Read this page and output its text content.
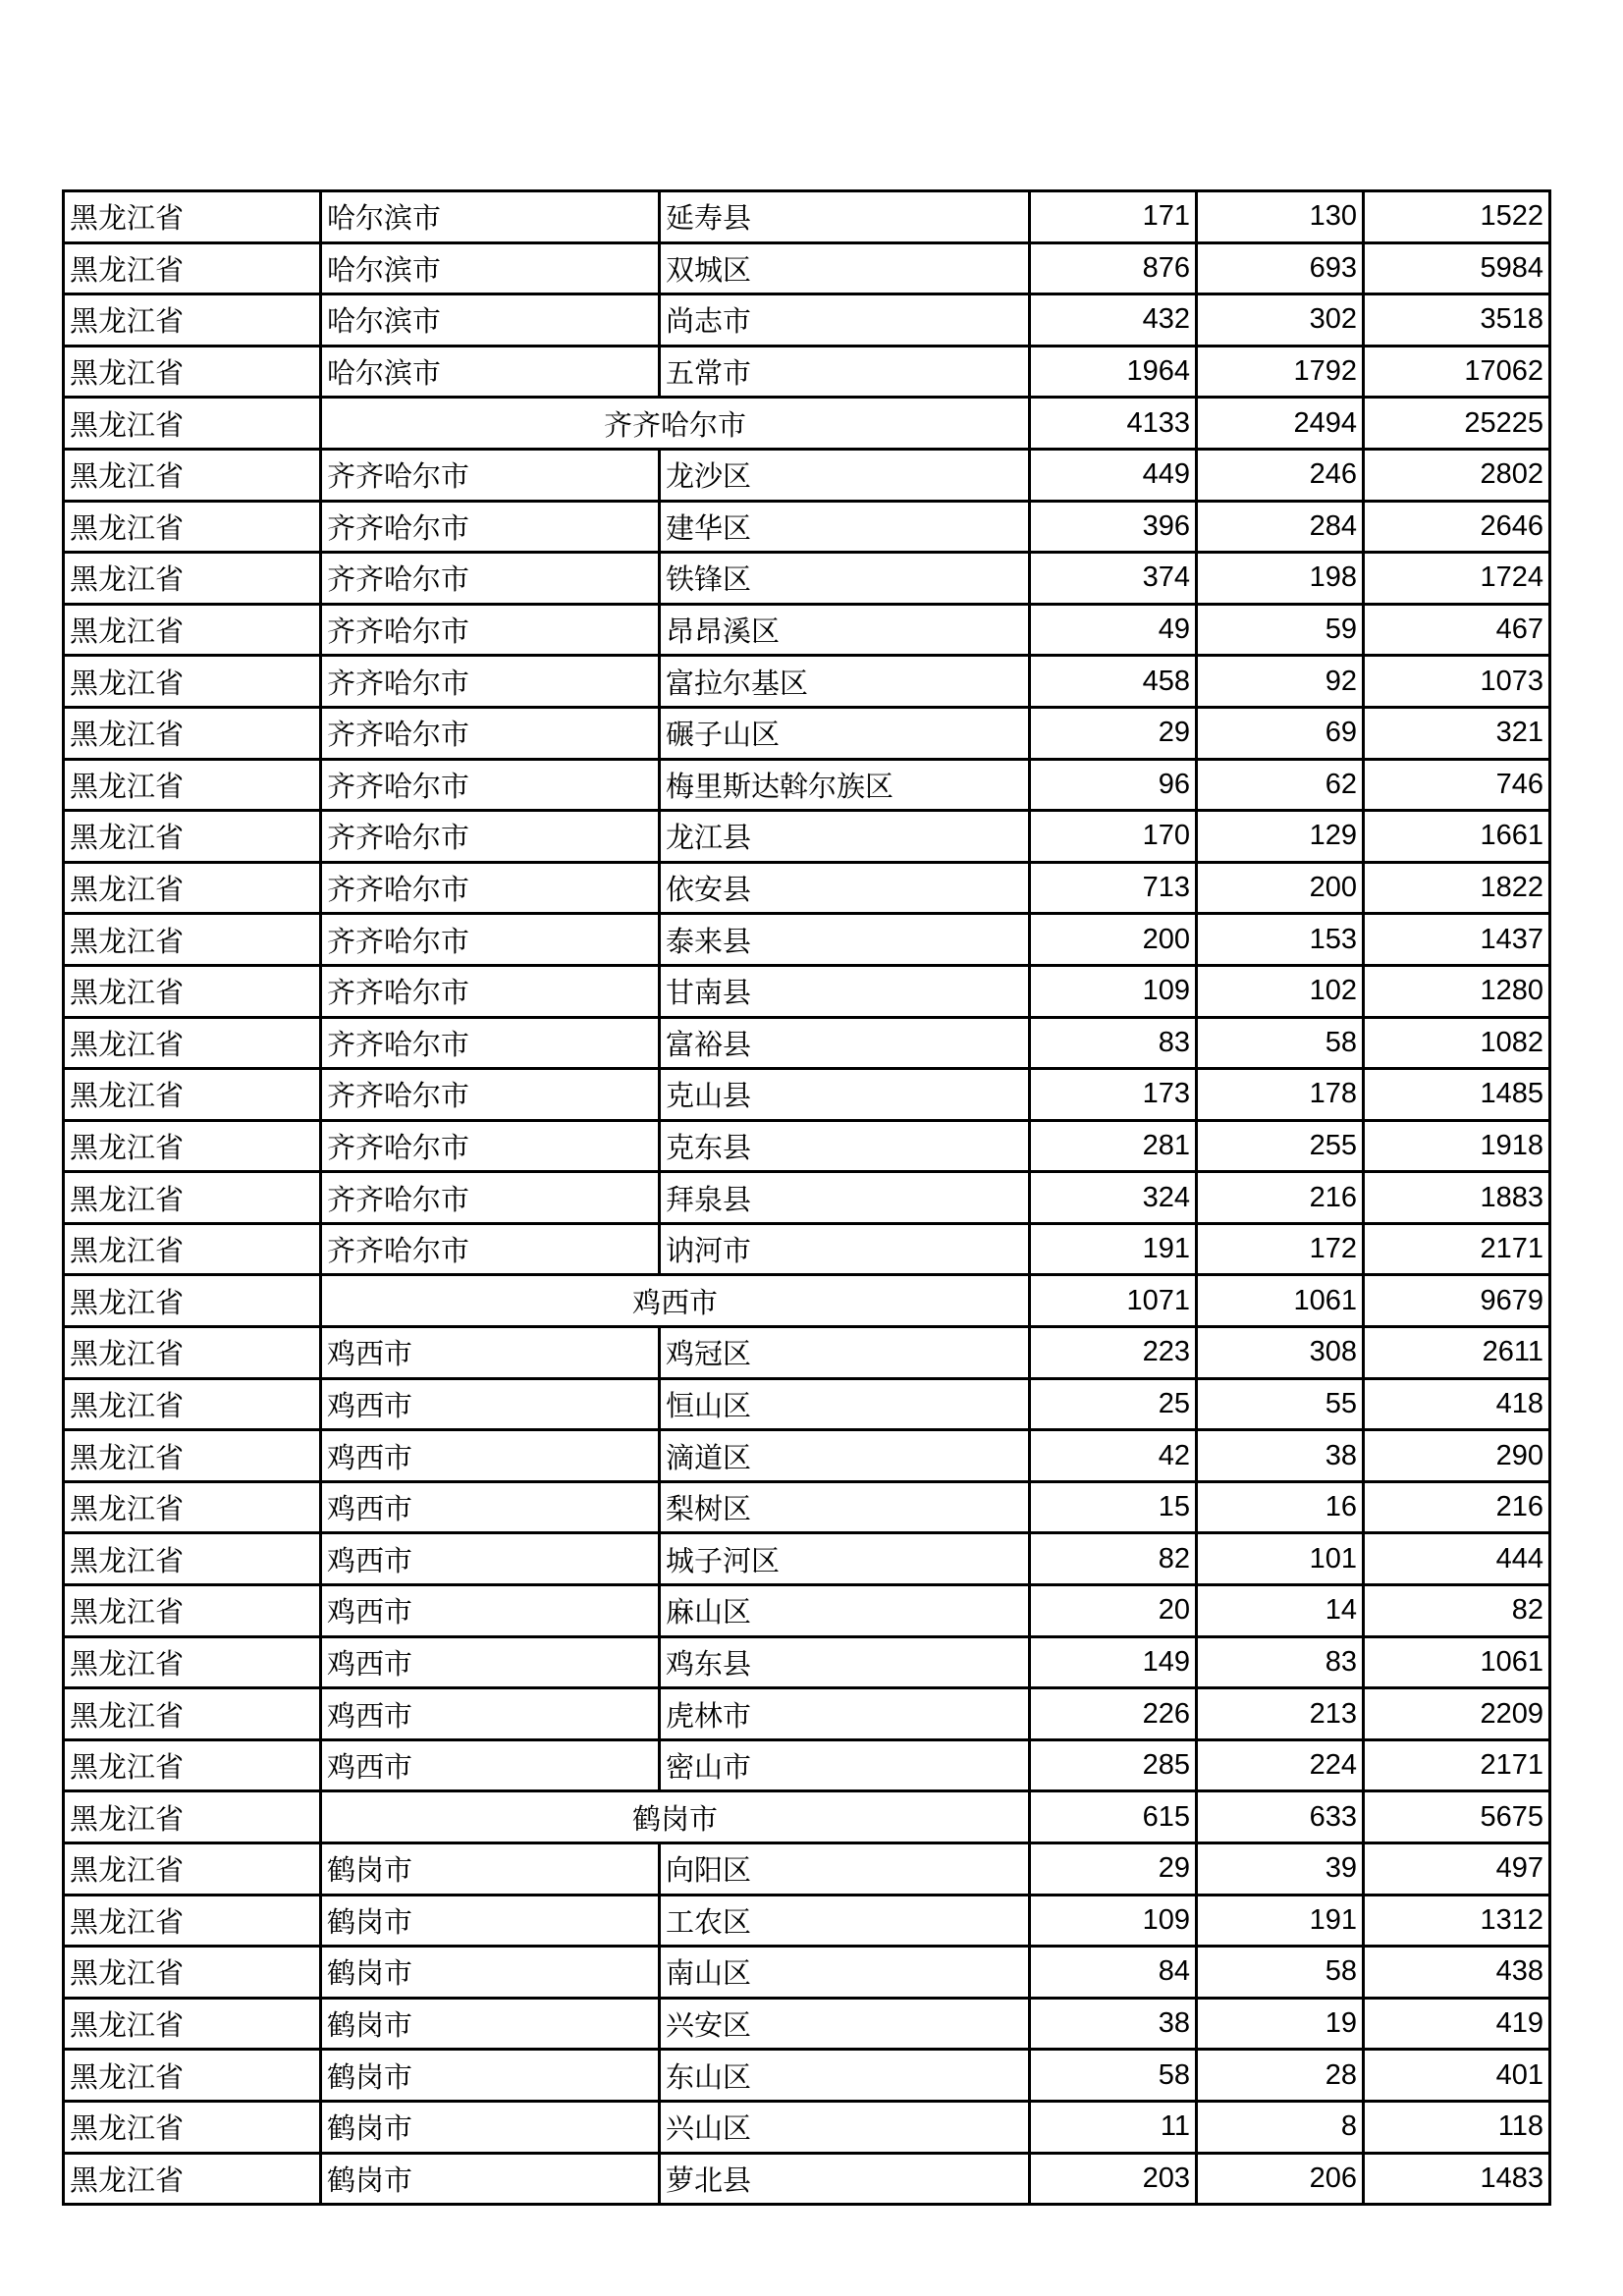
黑龙江省	哈尔滨市	延寿县	171	130	1522
黑龙江省	哈尔滨市	双城区	876	693	5984
黑龙江省	哈尔滨市	尚志市	432	302	3518
黑龙江省	哈尔滨市	五常市	1964	1792	17062
黑龙江省	齐齐哈尔市		4133	2494	25225
黑龙江省	齐齐哈尔市	龙沙区	449	246	2802
黑龙江省	齐齐哈尔市	建华区	396	284	2646
黑龙江省	齐齐哈尔市	铁锋区	374	198	1724
黑龙江省	齐齐哈尔市	昂昂溪区	49	59	467
黑龙江省	齐齐哈尔市	富拉尔基区	458	92	1073
黑龙江省	齐齐哈尔市	碾子山区	29	69	321
黑龙江省	齐齐哈尔市	梅里斯达斡尔族区	96	62	746
黑龙江省	齐齐哈尔市	龙江县	170	129	1661
黑龙江省	齐齐哈尔市	依安县	713	200	1822
黑龙江省	齐齐哈尔市	泰来县	200	153	1437
黑龙江省	齐齐哈尔市	甘南县	109	102	1280
黑龙江省	齐齐哈尔市	富裕县	83	58	1082
黑龙江省	齐齐哈尔市	克山县	173	178	1485
黑龙江省	齐齐哈尔市	克东县	281	255	1918
黑龙江省	齐齐哈尔市	拜泉县	324	216	1883
黑龙江省	齐齐哈尔市	讷河市	191	172	2171
黑龙江省	鸡西市		1071	1061	9679
黑龙江省	鸡西市	鸡冠区	223	308	2611
黑龙江省	鸡西市	恒山区	25	55	418
黑龙江省	鸡西市	滴道区	42	38	290
黑龙江省	鸡西市	梨树区	15	16	216
黑龙江省	鸡西市	城子河区	82	101	444
黑龙江省	鸡西市	麻山区	20	14	82
黑龙江省	鸡西市	鸡东县	149	83	1061
黑龙江省	鸡西市	虎林市	226	213	2209
黑龙江省	鸡西市	密山市	285	224	2171
黑龙江省	鹤岗市		615	633	5675
黑龙江省	鹤岗市	向阳区	29	39	497
黑龙江省	鹤岗市	工农区	109	191	1312
黑龙江省	鹤岗市	南山区	84	58	438
黑龙江省	鹤岗市	兴安区	38	19	419
黑龙江省	鹤岗市	东山区	58	28	401
黑龙江省	鹤岗市	兴山区	11	8	118
黑龙江省	鹤岗市	萝北县	203	206	1483
